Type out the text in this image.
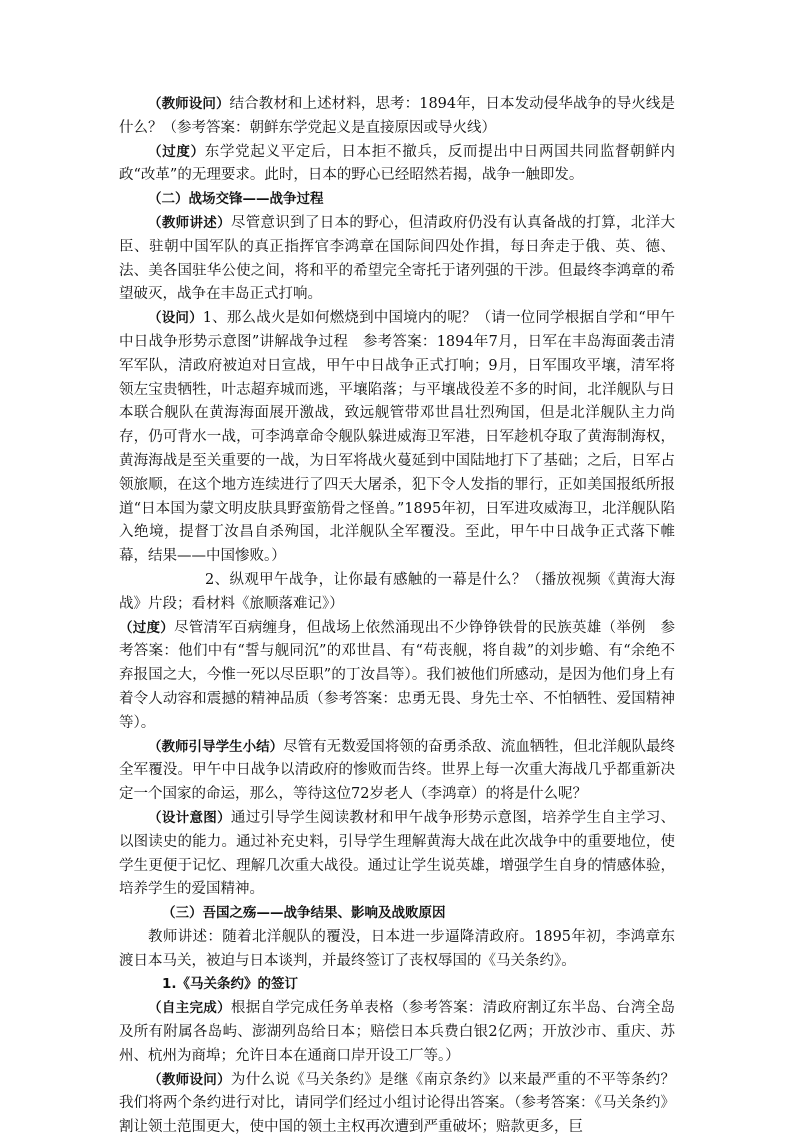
（教师设问）结合教材和上述材料，思考：1894年，日本发动侵华战争的导火线是什么？（参考答案：朝鲜东学党起义是直接原因或导火线）

（过度）东学党起义平定后，日本拒不撤兵，反而提出中日两国共同监督朝鲜内政“改革”的无理要求。此时，日本的野心已经昭然若揭，战争一触即发。

（二）战场交锋——战争过程

（教师讲述）尽管意识到了日本的野心，但清政府仍没有认真备战的打算，北洋大臣、驻朝中国军队的真正指挥官李鸿章在国际间四处作揖，每日奔走于俄、英、德、法、美各国驻华公使之间，将和平的希望完全寄托于诸列强的干涉。但最终李鸿章的希望破灭，战争在丰岛正式打响。

（设问）1、那么战火是如何燃烧到中国境内的呢？（请一位同学根据自学和“甲午中日战争形势示意图”讲解战争过程　参考答案：1894年7月，日军在丰岛海面袭击清军军队，清政府被迫对日宣战，甲午中日战争正式打响；9月，日军围攻平壤，清军将领左宝贵牺牲，叶志超弃城而逃，平壤陷落；与平壤战役差不多的时间，北洋舰队与日本联合舰队在黄海海面展开激战，致远舰管带邓世昌壮烈殉国，但是北洋舰队主力尚存，仍可背水一战，可李鸿章命令舰队躲进威海卫军港，日军趁机夺取了黄海制海权，黄海海战是至关重要的一战，为日军将战火蔓延到中国陆地打下了基础；之后，日军占领旅顺，在这个地方连续进行了四天大屠杀，犯下令人发指的罪行，正如美国报纸所报道“日本国为蒙文明皮肤具野蛮筋骨之怪兽。”1895年初，日军进攻威海卫，北洋舰队陷入绝境，提督丁汝昌自杀殉国，北洋舰队全军覆没。至此，甲午中日战争正式落下帷幕，结果——中国惨败。）

2、纵观甲午战争，让你最有感触的一幕是什么？（播放视频《黄海大海战》片段；看材料《旅顺落难记》）

（过度）尽管清军百病缠身，但战场上依然涌现出不少铮铮铁骨的民族英雄（举例　参考答案：他们中有“誓与舰同沉”的邓世昌、有“苟丧舰，将自裁”的刘步蟾、有“余绝不弃报国之大，今惟一死以尽臣职”的丁汝昌等）。我们被他们所感动，是因为他们身上有着令人动容和震撼的精神品质（参考答案：忠勇无畏、身先士卒、不怕牺牲、爱国精神等）。

（教师引导学生小结）尽管有无数爱国将领的奋勇杀敌、流血牺牲，但北洋舰队最终全军覆没。甲午中日战争以清政府的惨败而告终。世界上每一次重大海战几乎都重新决定一个国家的命运，那么，等待这位72岁老人（李鸿章）的将是什么呢？

（设计意图）通过引导学生阅读教材和甲午战争形势示意图，培养学生自主学习、以图读史的能力。通过补充史料，引导学生理解黄海大战在此次战争中的重要地位，使学生更便于记忆、理解几次重大战役。通过让学生说英雄，增强学生自身的情感体验，培养学生的爱国精神。

（三）吾国之殇——战争结果、影响及战败原因

教师讲述：随着北洋舰队的覆没，日本进一步逼降清政府。1895年初，李鸿章东渡日本马关，被迫与日本谈判，并最终签订了丧权辱国的《马关条约》。

1.《马关条约》的签订

（自主完成）根据自学完成任务单表格（参考答案：清政府割辽东半岛、台湾全岛及所有附属各岛屿、澎湖列岛给日本；赔偿日本兵费白银2亿两；开放沙市、重庆、苏州、杭州为商埠；允许日本在通商口岸开设工厂等。）

（教师设问）为什么说《马关条约》是继《南京条约》以来最严重的不平等条约？我们将两个条约进行对比，请同学们经过小组讨论得出答案。（参考答案：《马关条约》割让领土范围更大，使中国的领土主权再次遭到严重破坏；赔款更多，巨
